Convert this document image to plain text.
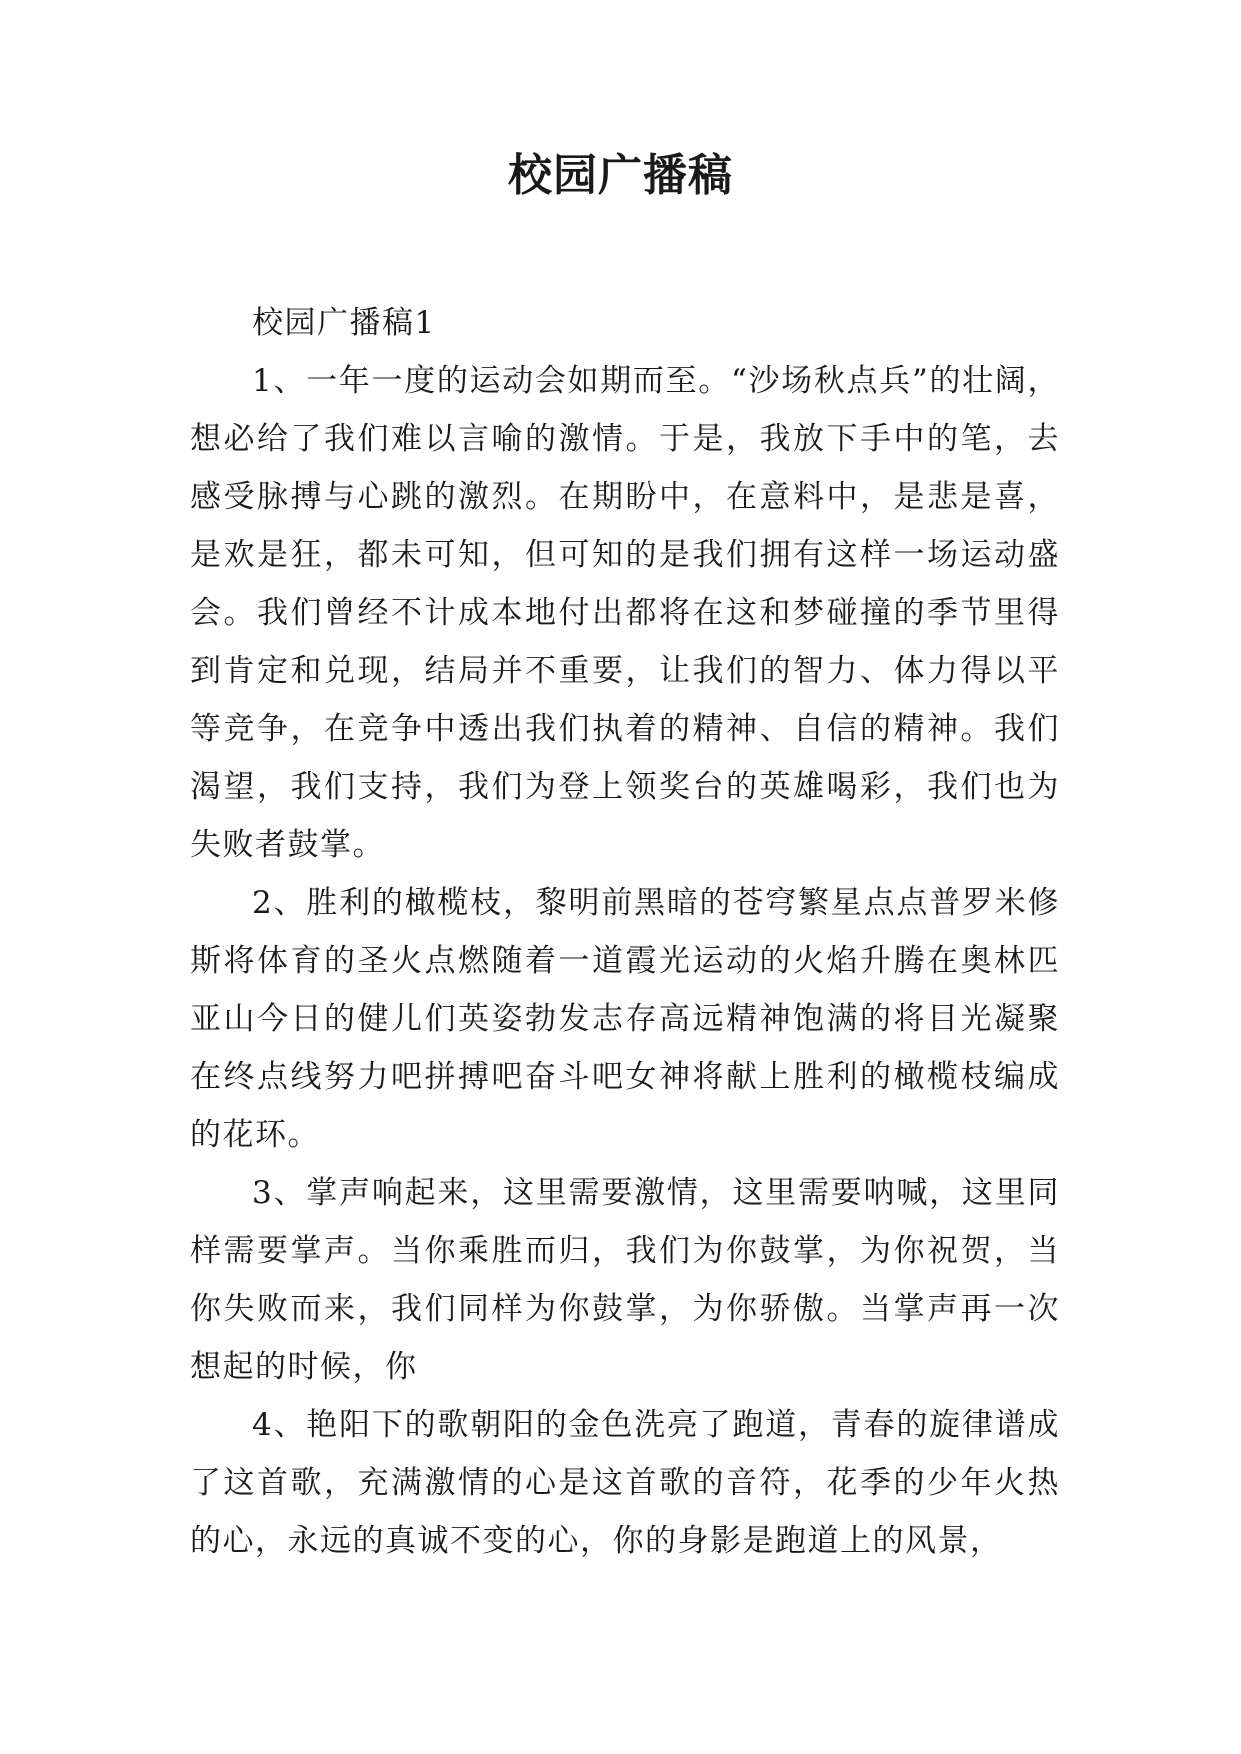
校园广播稿

校园广播稿1

1、一年一度的运动会如期而至。“沙场秋点兵”的壮阔，想必给了我们难以言喻的激情。于是，我放下手中的笔，去感受脉搏与心跳的激烈。在期盼中，在意料中，是悲是喜，是欢是狂，都未可知，但可知的是我们拥有这样一场运动盛会。我们曾经不计成本地付出都将在这和梦碰撞的季节里得到肯定和兑现，结局并不重要，让我们的智力、体力得以平等竞争，在竞争中透出我们执着的精神、自信的精神。我们渴望，我们支持，我们为登上领奖台的英雄喝彩，我们也为失败者鼓掌。

2、胜利的橄榄枝，黎明前黑暗的苍穹繁星点点普罗米修斯将体育的圣火点燃随着一道霞光运动的火焰升腾在奥林匹亚山今日的健儿们英姿勃发志存高远精神饱满的将目光凝聚在终点线努力吧拼搏吧奋斗吧女神将献上胜利的橄榄枝编成的花环。

3、掌声响起来，这里需要激情，这里需要呐喊，这里同样需要掌声。当你乘胜而归，我们为你鼓掌，为你祝贺，当你失败而来，我们同样为你鼓掌，为你骄傲。当掌声再一次想起的时候，你

4、艳阳下的歌朝阳的金色洗亮了跑道，青春的旋律谱成了这首歌，充满激情的心是这首歌的音符，花季的少年火热的心，永远的真诚不变的心，你的身影是跑道上的风景，
